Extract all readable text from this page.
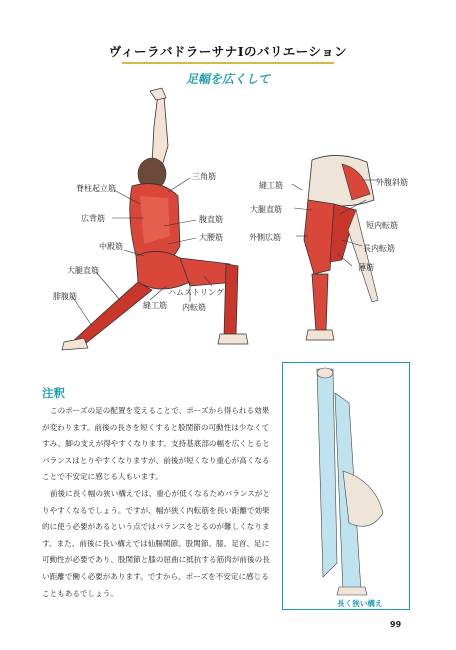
ヴィーラバドラーサナⅠのバリエーション
足幅を広くして
三角筋
脊柱起立筋
広背筋	腹直筋
大腰筋
中殿筋
大腿直筋
ハムストリング
腓腹筋
縫工筋 内転筋
縫工筋	外腹斜筋
大腿直筋
短内転筋
外側広筋
長内転筋
薄筋
注釈

このポーズの足の配置を変えることで、ポーズから得られる効果が変わります。前後の長さを短くすると股関節の可動性は少なくてすみ、脚の支えが得やすくなります。支持基底部の幅を広くとるとバランスはとりやすくなりますが、前後が短くなり重心が高くなることで不安定に感じる人もいます。

前後に長く幅の狭い構えでは、重心が低くなるためバランスがとりやすくなるでしょう。ですが、幅が狭く内転筋を長い距離で効果的に使う必要があるという点ではバランスをとるのが難しくなります。また、前後に長い構えでは仙腸関節、股関節、膝、足首、足に可動性が必要であり、股関節と膝の屈曲に抵抗する筋肉が前後の長い距離で働く必要があります。ですから、ポーズを不安定に感じることもあるでしょう。

長く狭い構え
99
